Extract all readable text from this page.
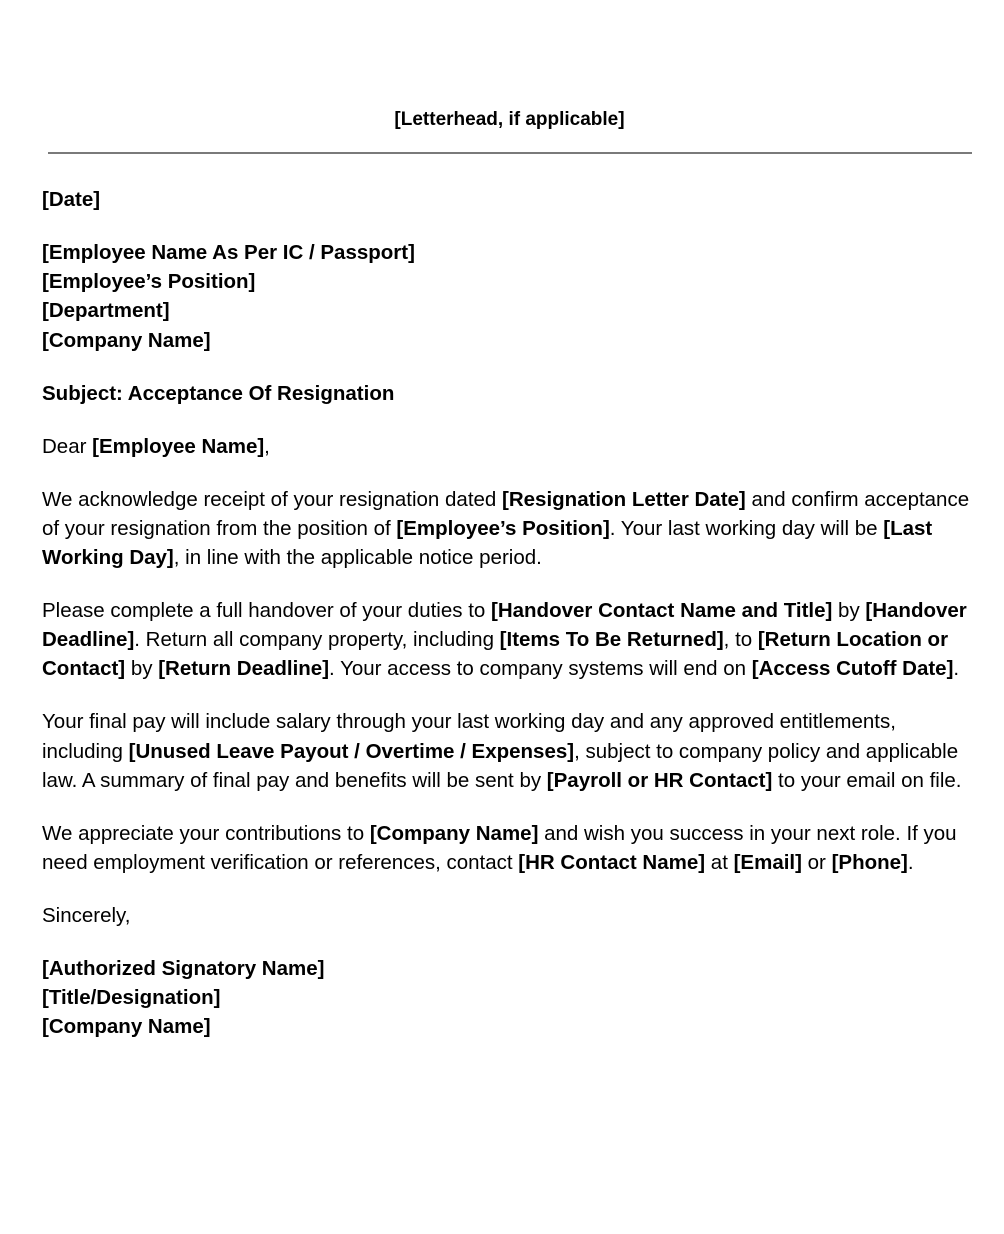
[Letterhead, if applicable]

[Date]

[Employee Name As Per IC / Passport]
[Employee’s Position]
[Department]
[Company Name]

Subject: Acceptance Of Resignation

Dear [Employee Name],

We acknowledge receipt of your resignation dated [Resignation Letter Date] and confirm acceptance of your resignation from the position of [Employee’s Position]. Your last working day will be [Last Working Day], in line with the applicable notice period.

Please complete a full handover of your duties to [Handover Contact Name and Title] by [Handover Deadline]. Return all company property, including [Items To Be Returned], to [Return Location or Contact] by [Return Deadline]. Your access to company systems will end on [Access Cutoff Date].

Your final pay will include salary through your last working day and any approved entitlements, including [Unused Leave Payout / Overtime / Expenses], subject to company policy and applicable law. A summary of final pay and benefits will be sent by [Payroll or HR Contact] to your email on file.

We appreciate your contributions to [Company Name] and wish you success in your next role. If you need employment verification or references, contact [HR Contact Name] at [Email] or [Phone].

Sincerely,

[Authorized Signatory Name]
[Title/Designation]
[Company Name]
